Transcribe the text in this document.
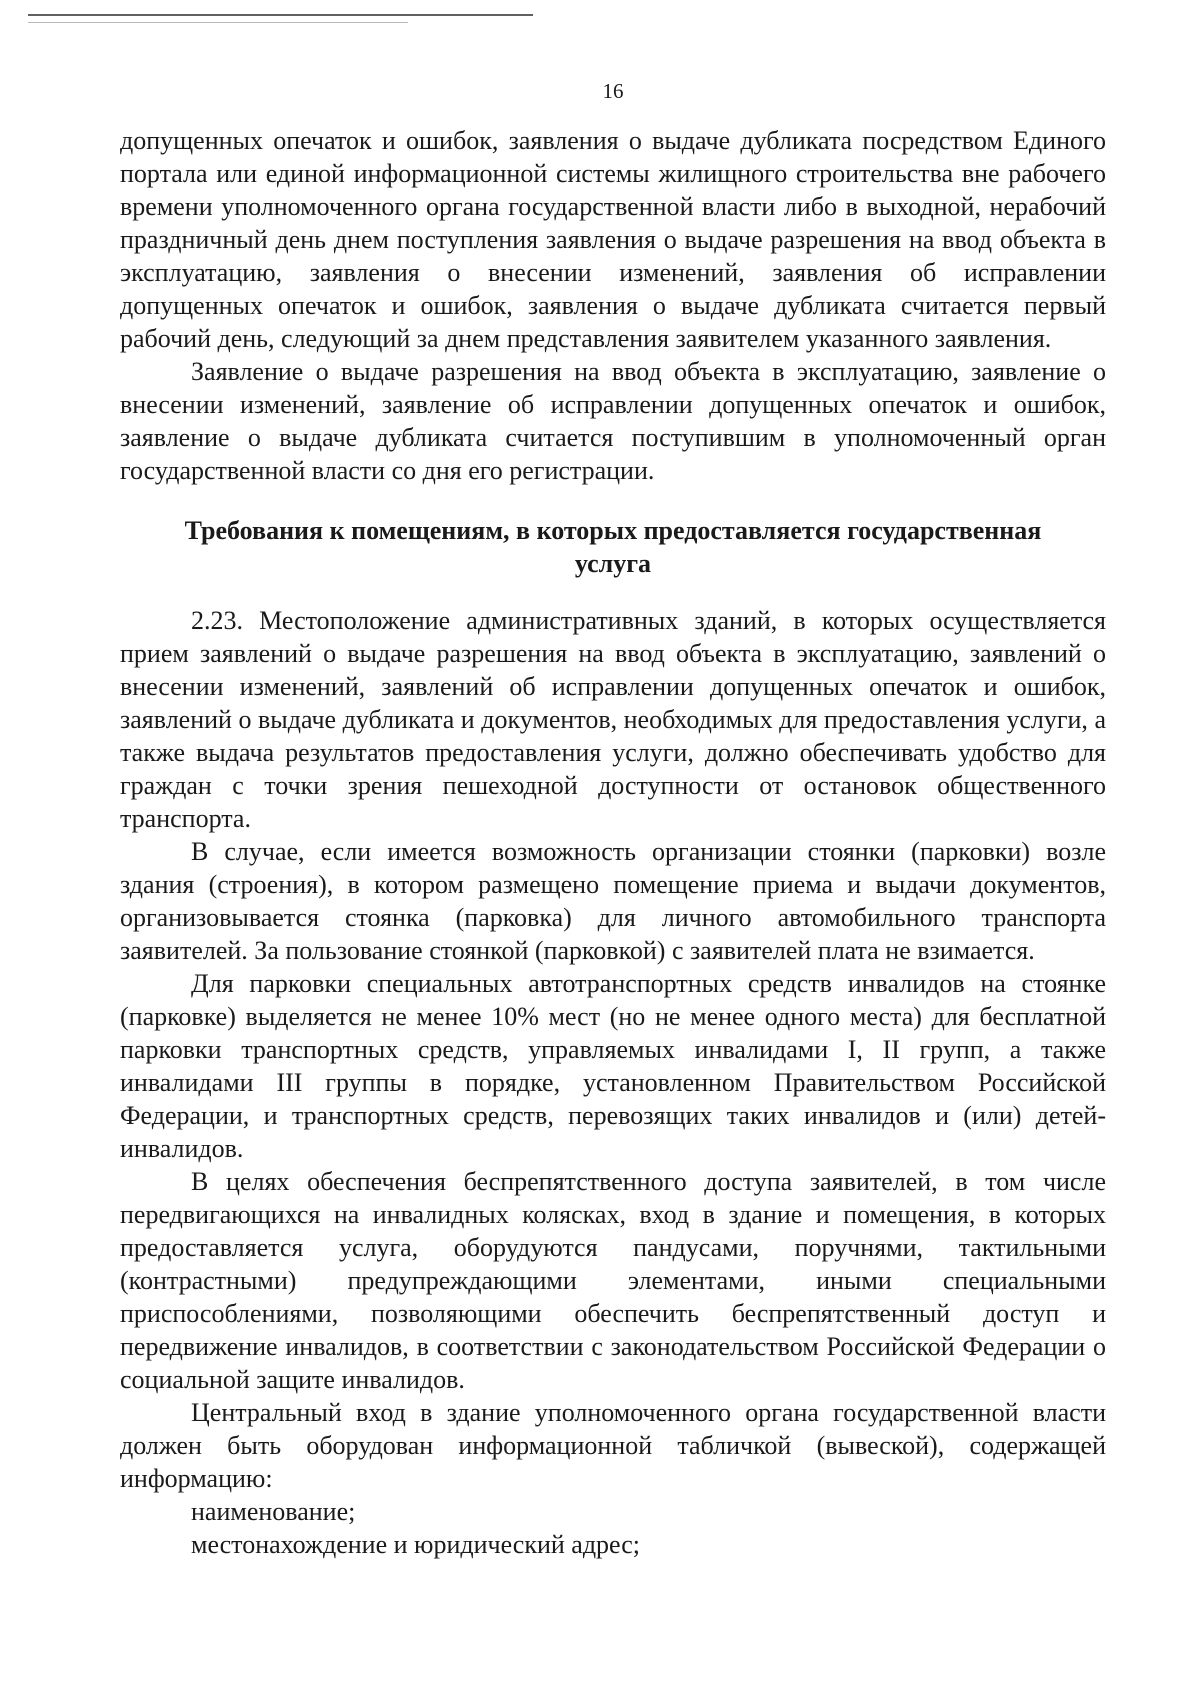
16

допущенных опечаток и ошибок, заявления о выдаче дубликата посредством Единого портала или единой информационной системы жилищного строительства вне рабочего времени уполномоченного органа государственной власти либо в выходной, нерабочий праздничный день днем поступления заявления о выдаче разрешения на ввод объекта в эксплуатацию, заявления о внесении изменений, заявления об исправлении допущенных опечаток и ошибок, заявления о выдаче дубликата считается первый рабочий день, следующий за днем представления заявителем указанного заявления.

Заявление о выдаче разрешения на ввод объекта в эксплуатацию, заявление о внесении изменений, заявление об исправлении допущенных опечаток и ошибок, заявление о выдаче дубликата считается поступившим в уполномоченный орган государственной власти со дня его регистрации.

Требования к помещениям, в которых предоставляется государственная услуга

2.23. Местоположение административных зданий, в которых осуществляется прием заявлений о выдаче разрешения на ввод объекта в эксплуатацию, заявлений о внесении изменений, заявлений об исправлении допущенных опечаток и ошибок, заявлений о выдаче дубликата и документов, необходимых для предоставления услуги, а также выдача результатов предоставления услуги, должно обеспечивать удобство для граждан с точки зрения пешеходной доступности от остановок общественного транспорта.

В случае, если имеется возможность организации стоянки (парковки) возле здания (строения), в котором размещено помещение приема и выдачи документов, организовывается стоянка (парковка) для личного автомобильного транспорта заявителей. За пользование стоянкой (парковкой) с заявителей плата не взимается.

Для парковки специальных автотранспортных средств инвалидов на стоянке (парковке) выделяется не менее 10% мест (но не менее одного места) для бесплатной парковки транспортных средств, управляемых инвалидами I, II групп, а также инвалидами III группы в порядке, установленном Правительством Российской Федерации, и транспортных средств, перевозящих таких инвалидов и (или) детей-инвалидов.

В целях обеспечения беспрепятственного доступа заявителей, в том числе передвигающихся на инвалидных колясках, вход в здание и помещения, в которых предоставляется услуга, оборудуются пандусами, поручнями, тактильными (контрастными) предупреждающими элементами, иными специальными приспособлениями, позволяющими обеспечить беспрепятственный доступ и передвижение инвалидов, в соответствии с законодательством Российской Федерации о социальной защите инвалидов.

Центральный вход в здание уполномоченного органа государственной власти должен быть оборудован информационной табличкой (вывеской), содержащей информацию:

наименование;

местонахождение и юридический адрес;
